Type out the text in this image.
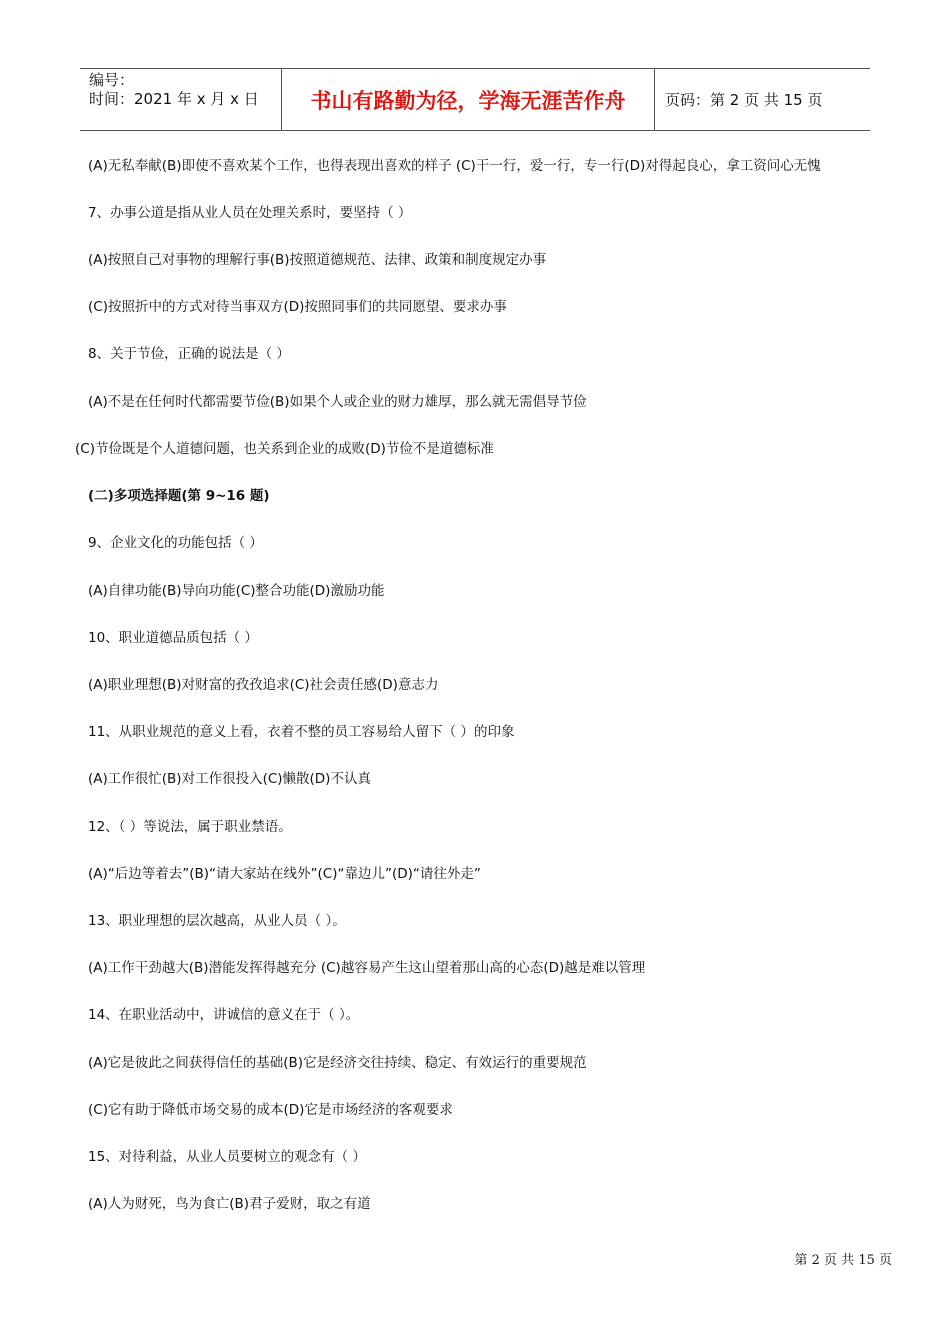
编号：
时间：2021 年 x 月 x 日	书山有路勤为径，学海无涯苦作舟	页码：第 2 页 共 15 页
(A)无私奉献(B)即使不喜欢某个工作，也得表现出喜欢的样子 (C)干一行，爱一行，专一行(D)对得起良心，拿工资问心无愧
7、办事公道是指从业人员在处理关系时，要坚持（ ）
(A)按照自己对事物的理解行事(B)按照道德规范、法律、政策和制度规定办事
(C)按照折中的方式对待当事双方(D)按照同事们的共同愿望、要求办事
8、关于节俭，正确的说法是（ ）
(A)不是在任何时代都需要节俭(B)如果个人或企业的财力雄厚，那么就无需倡导节俭
(C)节俭既是个人道德问题，也关系到企业的成败(D)节俭不是道德标准
(二)多项选择题(第 9~16 题)
9、企业文化的功能包括（ ）
(A)自律功能(B)导向功能(C)整合功能(D)激励功能
10、职业道德品质包括（ ）
(A)职业理想(B)对财富的孜孜追求(C)社会责任感(D)意志力
11、从职业规范的意义上看，衣着不整的员工容易给人留下（ ）的印象
(A)工作很忙(B)对工作很投入(C)懒散(D)不认真
12、（ ）等说法，属于职业禁语。
(A)“后边等着去”(B)“请大家站在线外”(C)“靠边儿”(D)“请往外走”
13、职业理想的层次越高，从业人员（ ）。
(A)工作干劲越大(B)潜能发挥得越充分 (C)越容易产生这山望着那山高的心态(D)越是难以管理
14、在职业活动中，讲诚信的意义在于（ ）。
(A)它是彼此之间获得信任的基础(B)它是经济交往持续、稳定、有效运行的重要规范
(C)它有助于降低市场交易的成本(D)它是市场经济的客观要求
15、对待利益，从业人员要树立的观念有（ ）
(A)人为财死，鸟为食亡(B)君子爱财，取之有道
第 2 页 共 15 页
